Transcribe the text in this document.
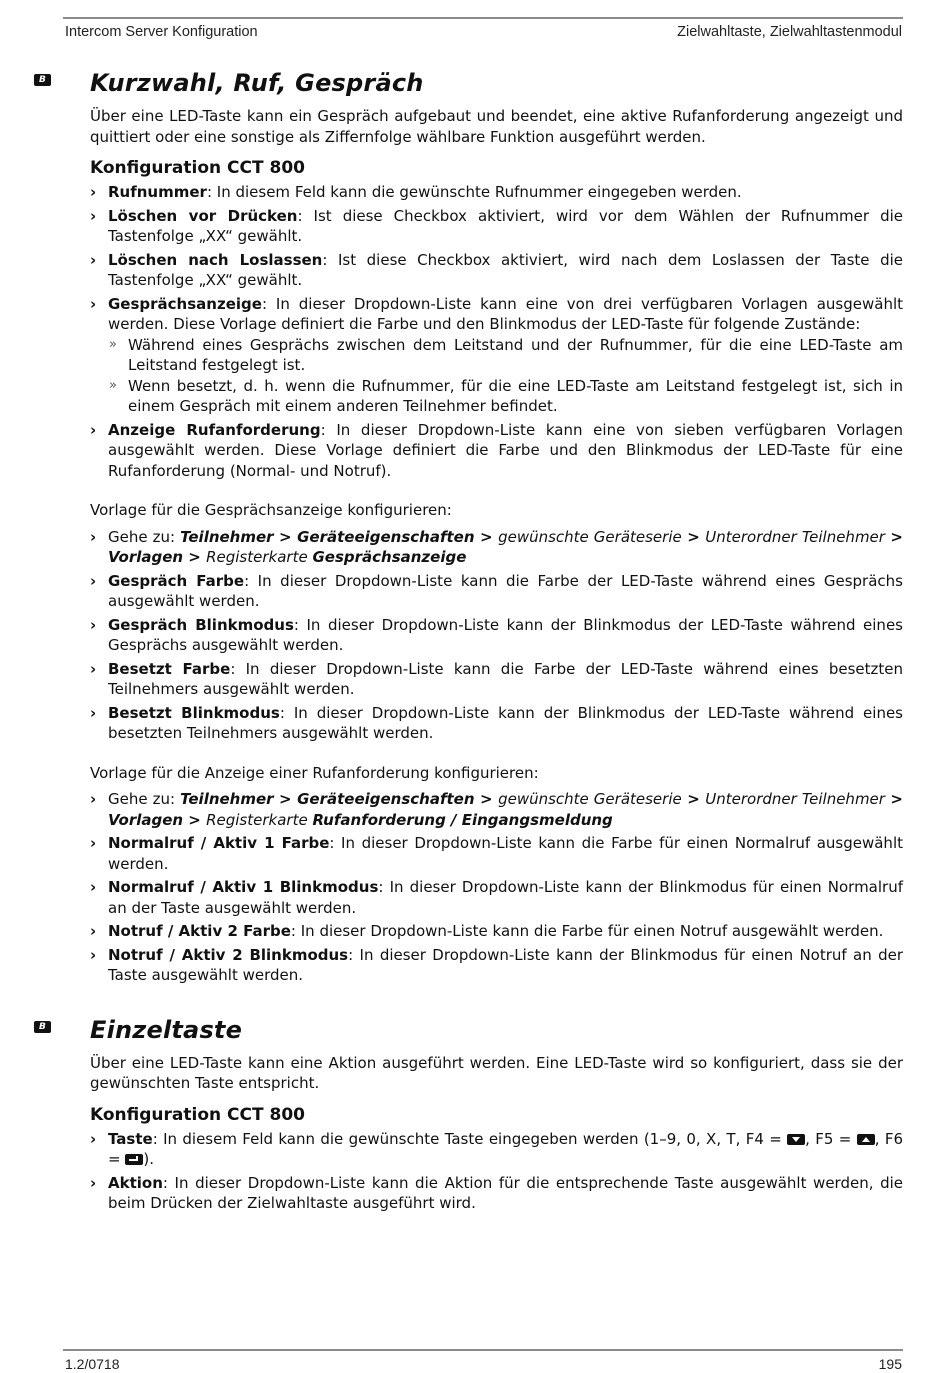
Intercom Server Konfiguration	Zielwahltaste, Zielwahltastenmodul
B Kurzwahl, Ruf, Gespräch

Über eine LED-Taste kann ein Gespräch aufgebaut und beendet, eine aktive Rufanforderung angezeigt und quittiert oder eine sonstige als Ziffernfolge wählbare Funktion ausgeführt werden.

Konfiguration CCT 800
› Rufnummer: In diesem Feld kann die gewünschte Rufnummer eingegeben werden.
› Löschen vor Drücken: Ist diese Checkbox aktiviert, wird vor dem Wählen der Rufnummer die Tastenfolge „XX“ gewählt.
› Löschen nach Loslassen: Ist diese Checkbox aktiviert, wird nach dem Loslassen der Taste die Tastenfolge „XX“ gewählt.
› Gesprächsanzeige: In dieser Dropdown-Liste kann eine von drei verfügbaren Vorlagen ausgewählt werden. Diese Vorlage definiert die Farbe und den Blinkmodus der LED-Taste für folgende Zustände:
» Während eines Gesprächs zwischen dem Leitstand und der Rufnummer, für die eine LED-Taste am Leitstand festgelegt ist.
» Wenn besetzt, d. h. wenn die Rufnummer, für die eine LED-Taste am Leitstand festgelegt ist, sich in einem Gespräch mit einem anderen Teilnehmer befindet.
› Anzeige Rufanforderung: In dieser Dropdown-Liste kann eine von sieben verfügbaren Vorlagen ausgewählt werden. Diese Vorlage definiert die Farbe und den Blinkmodus der LED-Taste für eine Rufanforderung (Normal- und Notruf).

Vorlage für die Gesprächsanzeige konfigurieren:

› Gehe zu: Teilnehmer > Geräteeigenschaften > gewünschte Geräteserie > Unterordner Teilnehmer > Vorlagen > Registerkarte Gesprächsanzeige
› Gespräch Farbe: In dieser Dropdown-Liste kann die Farbe der LED-Taste während eines Gesprächs ausgewählt werden.
› Gespräch Blinkmodus: In dieser Dropdown-Liste kann der Blinkmodus der LED-Taste während eines Gesprächs ausgewählt werden.
› Besetzt Farbe: In dieser Dropdown-Liste kann die Farbe der LED-Taste während eines besetzten Teilnehmers ausgewählt werden.
› Besetzt Blinkmodus: In dieser Dropdown-Liste kann der Blinkmodus der LED-Taste während eines besetzten Teilnehmers ausgewählt werden.

Vorlage für die Anzeige einer Rufanforderung konfigurieren:

› Gehe zu: Teilnehmer > Geräteeigenschaften > gewünschte Geräteserie > Unterordner Teilnehmer > Vorlagen > Registerkarte Rufanforderung / Eingangsmeldung
› Normalruf / Aktiv 1 Farbe: In dieser Dropdown-Liste kann die Farbe für einen Normalruf ausgewählt werden.
› Normalruf / Aktiv 1 Blinkmodus: In dieser Dropdown-Liste kann der Blinkmodus für einen Normalruf an der Taste ausgewählt werden.
› Notruf / Aktiv 2 Farbe: In dieser Dropdown-Liste kann die Farbe für einen Notruf ausgewählt werden.
› Notruf / Aktiv 2 Blinkmodus: In dieser Dropdown-Liste kann der Blinkmodus für einen Notruf an der Taste ausgewählt werden.
B Einzeltaste

Über eine LED-Taste kann eine Aktion ausgeführt werden. Eine LED-Taste wird so konfiguriert, dass sie der gewünschten Taste entspricht.

Konfiguration CCT 800
› Taste: In diesem Feld kann die gewünschte Taste eingegeben werden (1–9, 0, X, T, F4 = , F5 = , F6 = ).
› Aktion: In dieser Dropdown-Liste kann die Aktion für die entsprechende Taste ausgewählt werden, die beim Drücken der Zielwahltaste ausgeführt wird.
1.2/0718	195
